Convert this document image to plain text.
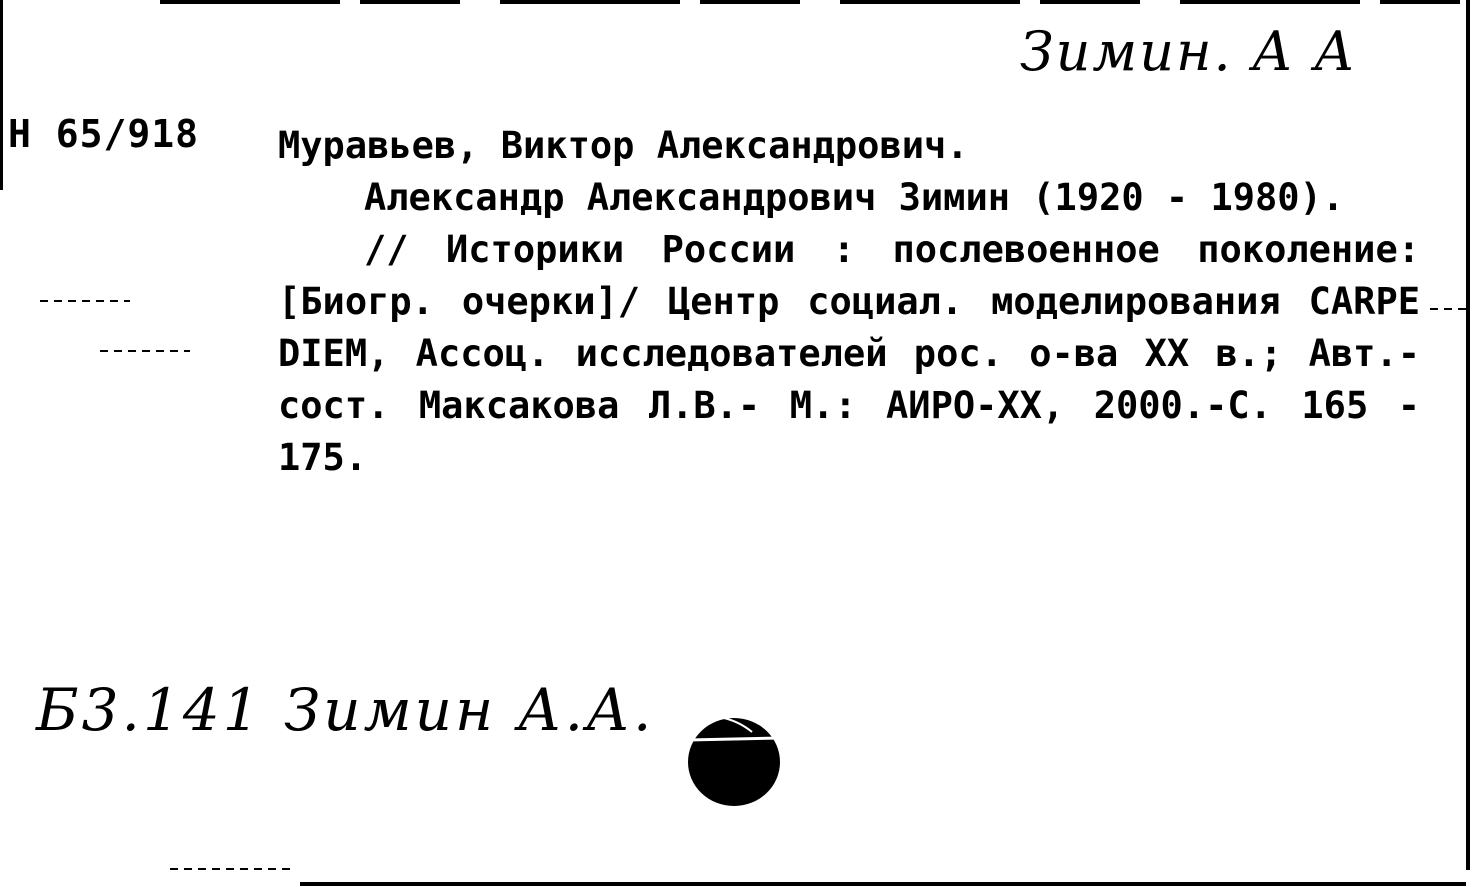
Зимин. А А
Н 65/918 Муравьев, Виктор Александрович.

Александр Александрович Зимин (1920 - 1980).

// Историки России : послевоенное поколение: [Биогр. очерки]/ Центр социал. моделирования CARPE DIEM, Ассоц. исследователей рос. о-ва XX в.; Авт.- сост. Максакова Л.В.- М.: АИРО-XX, 2000.-С. 165 - 175.

Б3.141 Зимин А.А.
